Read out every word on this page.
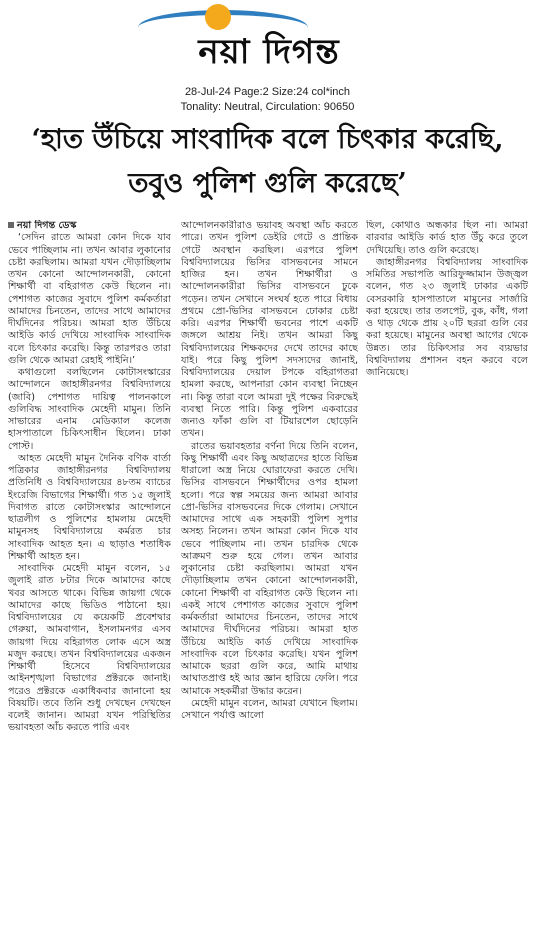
নয়া দিগন্ত
28-Jul-24 Page:2 Size:24 col*inch
Tonality: Neutral, Circulation: 90650
‘হাত উঁচিয়ে সাংবাদিক বলে চিৎকার করেছি, তবুও পুলিশ গুলি করেছে’

নয়া দিগন্ত ডেস্ক

‘সেদিন রাতে আমরা কোন দিকে যাব ভেবে পাচ্ছিলাম না। তখন আবার লুকানোর চেষ্টা করছিলাম। আমরা যখন দৌড়াচ্ছিলাম তখন কোনো আন্দোলনকারী, কোনো শিক্ষার্থী বা বহিরাগত কেউ ছিলেন না। পেশাগত কাজের সুবাদে পুলিশ কর্মকর্তারা আমাদের চিনতেন, তাদের সাথে আমাদের দীর্ঘদিনের পরিচয়। আমরা হাত উঁচিয়ে আইডি কার্ড দেখিয়ে সাংবাদিক সাংবাদিক বলে চিৎকার করেছি। কিন্তু তারপরও তারা গুলি থেকে আমরা রেহাই পাইনি।’

কথাগুলো বলছিলেন কোটাসংস্কারের আন্দোলনে জাহাঙ্গীরনগর বিশ্ববিদ্যালয়ে (জাবি) পেশাগত দায়িত্ব পালনকালে গুলিবিদ্ধ সাংবাদিক মেহেদী মামুন। তিনি সাভারের এনাম মেডিক্যাল কলেজ হাসপাতালে চিকিৎসাধীন ছিলেন। ঢাকা পোস্ট।

আহত মেহেদী মামুন দৈনিক বণিক বার্তা পত্রিকার জাহাঙ্গীরনগর বিশ্ববিদ্যালয় প্রতিনিধি ও বিশ্ববিদ্যালয়ের ৪৮তম ব্যাচের ইংরেজি বিভাগের শিক্ষার্থী। গত ১৫ জুলাই দিবাগত রাতে কোটাসংস্কার আন্দোলনে ছাত্রলীগ ও পুলিশের হামলায় মেহেদী মামুনসহ বিশ্ববিদ্যালয়ে কর্মরত চার সাংবাদিক আহত হন। এ ছাড়াও শতাধিক শিক্ষার্থী আহত হন।

সাংবাদিক মেহেদী মামুন বলেন, ১৫ জুলাই রাত ৮টার দিকে আমাদের কাছে খবর আসতে থাকে। বিভিন্ন জায়গা থেকে আমাদের কাছে ভিডিও পাঠানো হয়। বিশ্ববিদ্যালয়ের যে কয়েকটি প্রবেশদ্বার গেরুয়া, আমবাগান, ইসলামনগর এসব জায়গা দিয়ে বহিরাগত লোক এসে অস্ত্র মজুদ করছে। তখন বিশ্ববিদ্যালয়ের একজন শিক্ষার্থী হিসেবে বিশ্ববিদ্যালয়ের আইনশৃঙ্খলা বিভাগের প্রক্টরকে জানাই। পরেও প্রক্টরকে একাধিকবার জানানো হয় বিষয়টি। তবে তিনি শুধু দেখছেন দেখছেন বলেই জানান। আমরা যখন পরিস্থিতির ভয়াবহতা আঁচ করতে পারি এবং

আন্দোলনকারীরাও ভয়াবহ অবস্থা আঁচ করতে পারে। তখন পুলিশ ডেইরি গেটে ও প্রান্তিক গেটে অবস্থান করছিল। এরপরে পুলিশ বিশ্ববিদ্যালয়ের ভিসির বাসভবনের সামনে হাজির হন। তখন শিক্ষার্থীরা ও আন্দোলনকারীরা ভিসির বাসভবনে ঢুকে পড়েন। তখন সেখানে সংঘর্ষ হতে পারে বিধায় প্রথমে প্রো-ভিসির বাসভবনে ঢোকার চেষ্টা করি। এরপর শিক্ষার্থী ভবনের পাশে একটি জঙ্গলে আশ্রয় নিই। তখন আমরা কিছু বিশ্ববিদ্যালয়ের শিক্ষকদের দেখে তাদের কাছে যাই। পরে কিছু পুলিশ সদস্যদের জানাই, বিশ্ববিদ্যালয়ের দেয়াল টপকে বহিরাগতরা হামলা করছে, আপনারা কোন ব্যবস্থা নিচ্ছেন না। কিন্তু তারা বলে আমরা দুই পক্ষের বিরুদ্ধেই ব্যবস্থা নিতে পারি। কিন্তু পুলিশ একবারের জন্যও ফাঁকা গুলি বা টিয়ারশেল ছোড়েনি তখন।

রাতের ভয়াবহতার বর্ণনা দিয়ে তিনি বলেন, কিছু শিক্ষার্থী এবং কিছু অছাত্রদের হাতে বিভিন্ন ধারালো অস্ত্র নিয়ে ঘোরাফেরা করতে দেখি। ভিসির বাসভবনে শিক্ষার্থীদের ওপর হামলা হলো। পরে স্বল্প সময়ের জন্য আমরা আবার প্রো-ভিসির বাসভবনের দিকে গেলাম। সেখানে আমাদের সাথে এক সহকারী পুলিশ সুপার অসহ্য নিলেন। তখন আমরা কোন দিকে যাব ভেবে পাচ্ছিলাম না। তখন চারদিক থেকে আক্রমণ শুরু হয়ে গেল। তখন আবার লুকানোর চেষ্টা করছিলাম। আমরা যখন দৌড়াচ্ছিলাম তখন কোনো আন্দোলনকারী, কোনো শিক্ষার্থী বা বহিরাগত কেউ ছিলেন না। একই সাথে পেশাগত কাজের সুবাদে পুলিশ কর্মকর্তারা আমাদের চিনতেন, তাদের সাথে আমাদের দীর্ঘদিনের পরিচয়। আমরা হাত উঁচিয়ে আইডি কার্ড দেখিয়ে সাংবাদিক সাংবাদিক বলে চিৎকার করেছি। যখন পুলিশ আমাকে ছররা গুলি করে, আমি মাথায় আঘাতপ্রাপ্ত হই আর জ্ঞান হারিয়ে ফেলি। পরে আমাকে সহকর্মীরা উদ্ধার করেন।

মেহেদী মামুন বলেন, আমরা যেখানে ছিলাম। সেখানে পর্যাপ্ত আলো

ছিল, কোথাও অন্ধকার ছিল না। আমরা বারবার আইডি কার্ড হাত উঁচু করে তুলে দেখিয়েছি। তাও গুলি করেছে।

জাহাঙ্গীরনগর বিশ্ববিদ্যালয় সাংবাদিক সমিতির সভাপতি আরিফুজ্জামান উজ্জ্বল বলেন, গত ২৩ জুলাই ঢাকার একটি বেসরকারি হাসপাতালে মামুনের সার্জারি করা হয়েছে। তার তলপেট, বুক, কাঁধ, গলা ও থাড় থেকে প্রায় ২০টি ছররা গুলি বের করা হয়েছে। মামুনের অবস্থা আগের থেকে উন্নত। তার চিকিৎসার সব ব্যয়ভার বিশ্ববিদ্যালয় প্রশাসন বহন করবে বলে জানিয়েছে।
